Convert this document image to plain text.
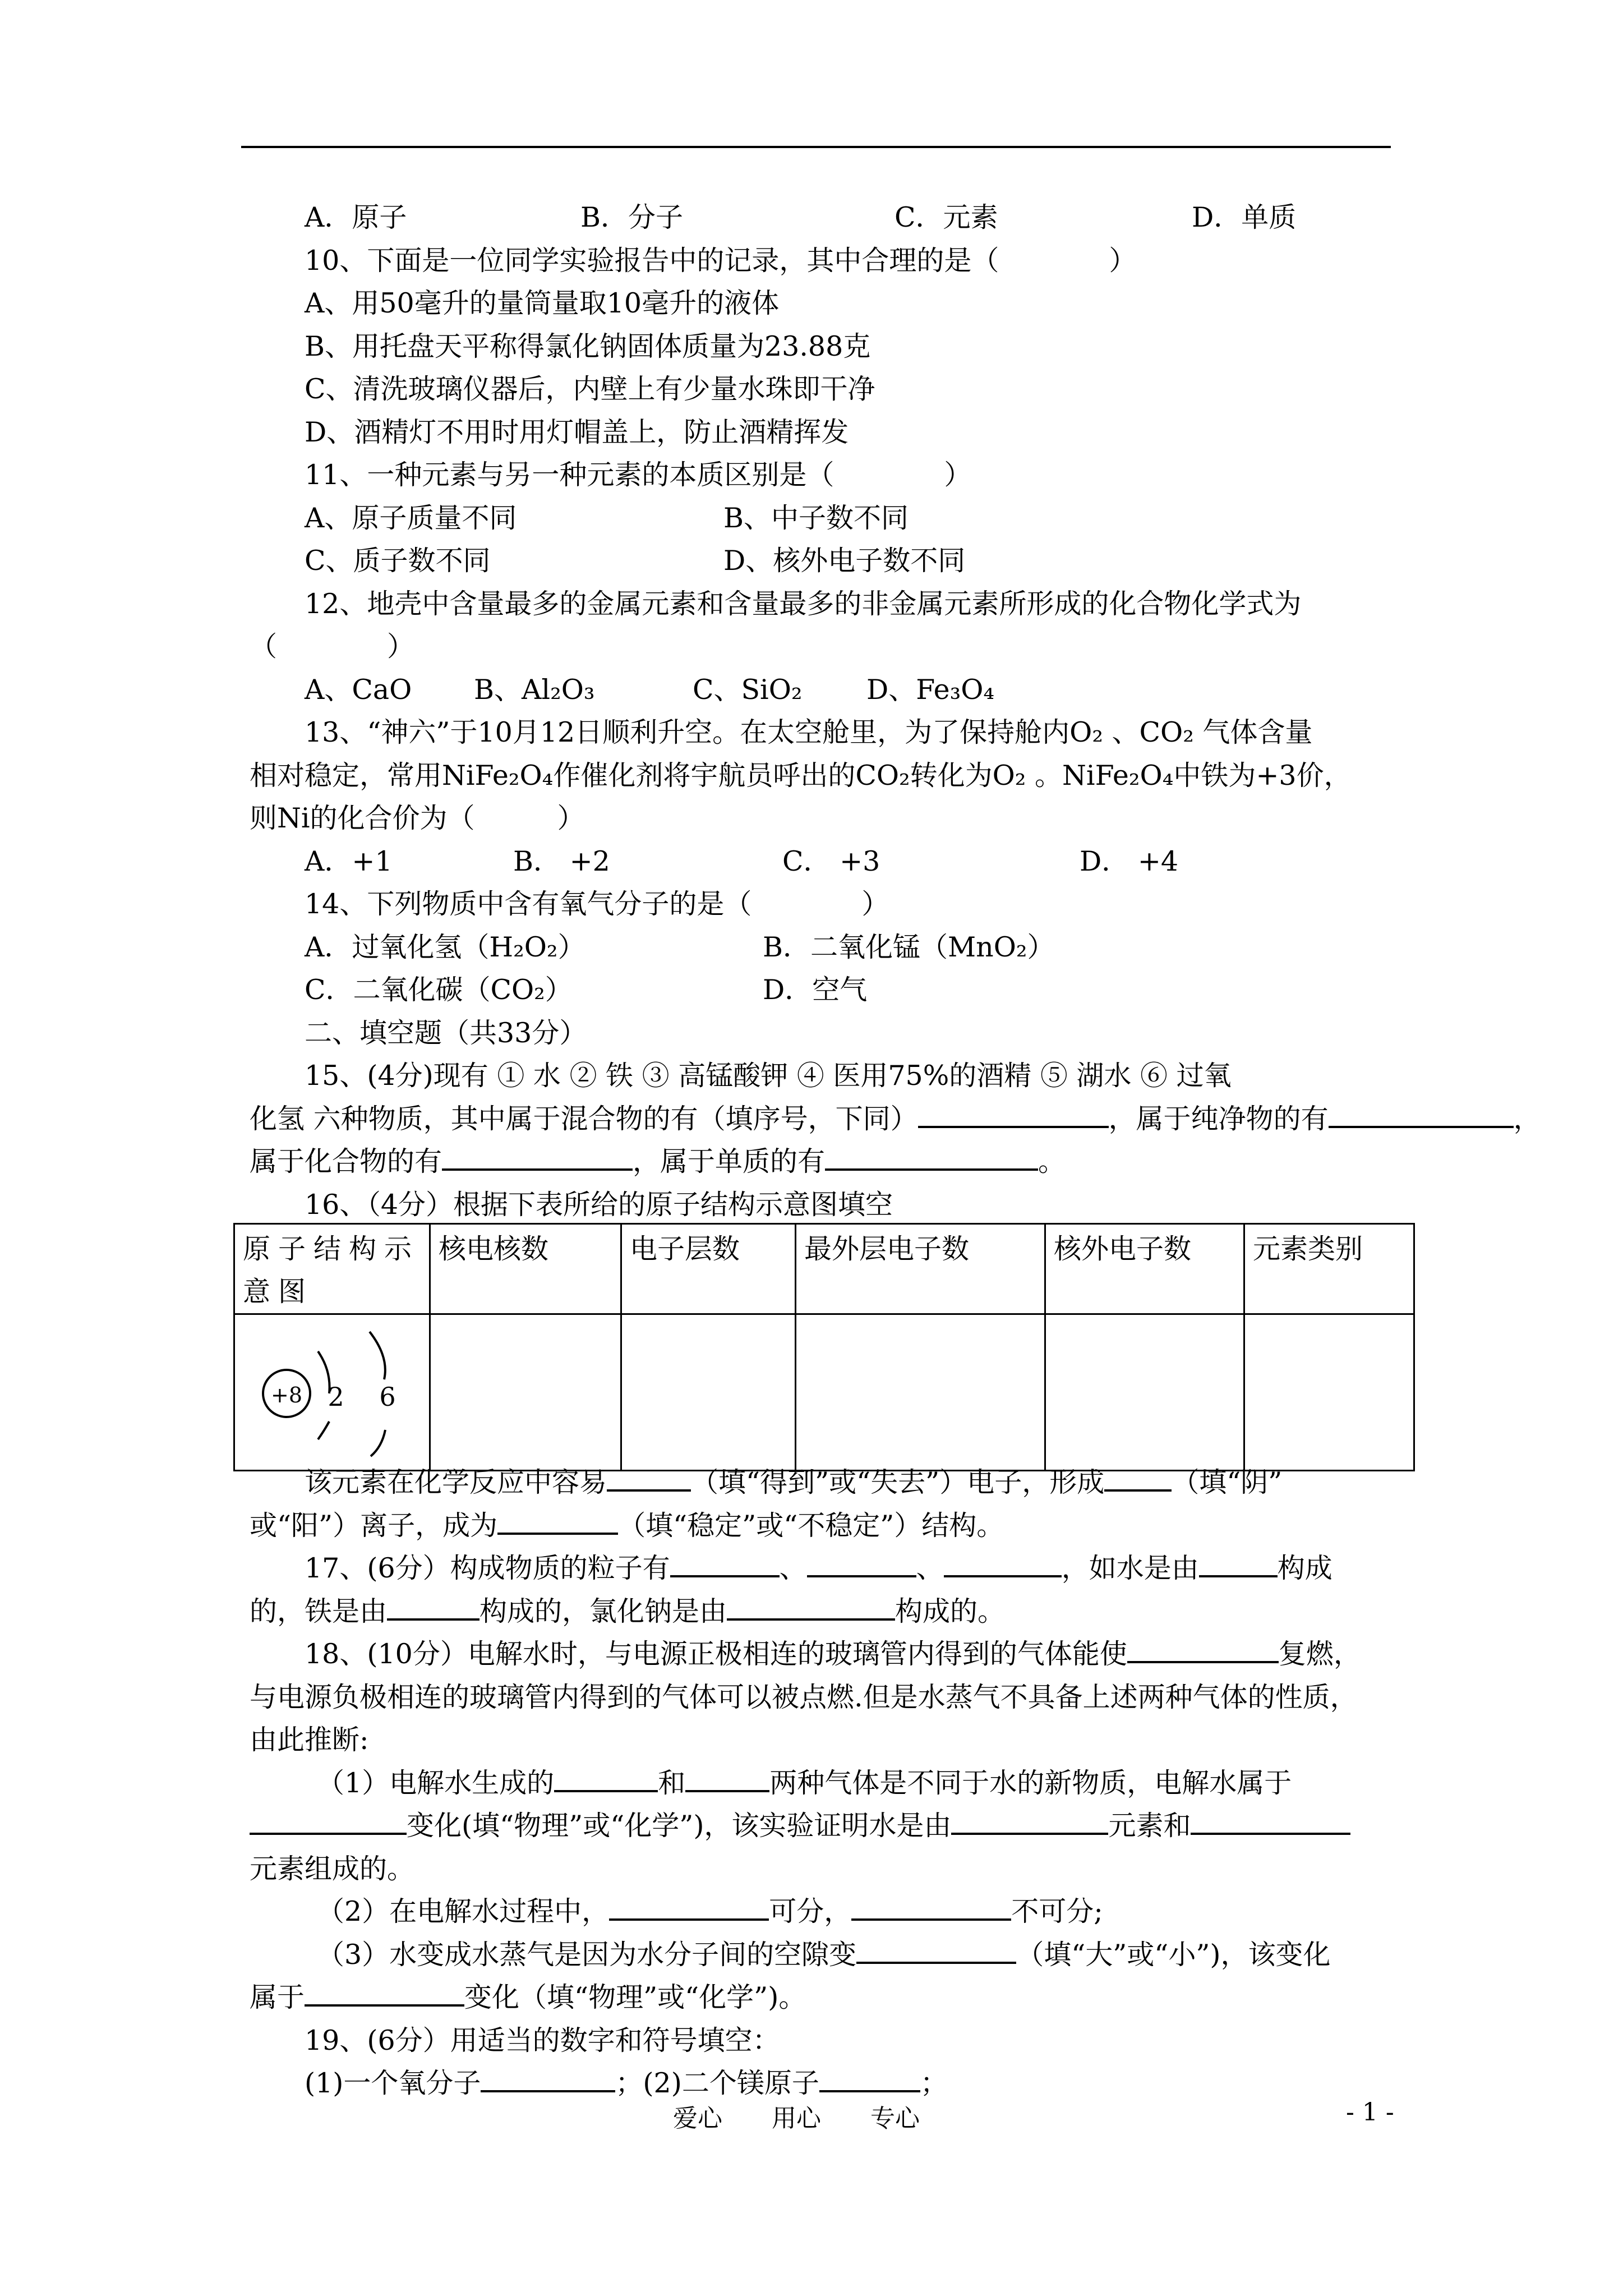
A．原子	B．分子	C．元素	D．单质
10、下面是一位同学实验报告中的记录，其中合理的是（　　　　）
A、用50毫升的量筒量取10毫升的液体
B、用托盘天平称得氯化钠固体质量为23.88克
C、清洗玻璃仪器后，内壁上有少量水珠即干净
D、酒精灯不用时用灯帽盖上，防止酒精挥发
11、一种元素与另一种元素的本质区别是（　　　　）
A、原子质量不同	B、中子数不同
C、质子数不同	D、核外电子数不同
12、地壳中含量最多的金属元素和含量最多的非金属元素所形成的化合物化学式为
（　　　　）
A、CaO B、Al₂O₃	C、SiO₂ D、Fe₃O₄
13、“神六”于10月12日顺利升空。在太空舱里，为了保持舱内O₂ 、CO₂ 气体含量
相对稳定，常用NiFe₂O₄作催化剂将宇航员呼出的CO₂转化为O₂ 。NiFe₂O₄中铁为+3价，
则Ni的化合价为（　　　）
A．+1	B． +2	C． +3	D． +4
14、下列物质中含有氧气分子的是（　　　　）
A．过氧化氢（H₂O₂）	B．二氧化锰（MnO₂）
C．二氧化碳（CO₂）	D．空气
二、填空题（共33分）
15、(4分)现有 ① 水 ② 铁 ③ 高锰酸钾 ④ 医用75%的酒精 ⑤ 湖水 ⑥ 过氧
化氢 六种物质，其中属于混合物的有（填序号，下同）	，属于纯净物的有	，
属于化合物的有	，属于单质的有	。
16、（4分）根据下表所给的原子结构示意图填空
原子结构示意图	核电核数	电子层数	最外层电子数	核外电子数	元素类别

+8 2 6					

该元素在化学反应中容易	（填“得到”或“失去”）电子，形成 （填“阴”
或“阳”）离子，成为	（填“稳定”或“不稳定”）结构。
17、(6分）构成物质的粒子有	、	、	，如水是由	构成
的，铁是由	构成的，氯化钠是由	构成的。
18、(10分）电解水时，与电源正极相连的玻璃管内得到的气体能使	复燃，
与电源负极相连的玻璃管内得到的气体可以被点燃.但是水蒸气不具备上述两种气体的性质，
由此推断:
（1）电解水生成的	和	两种气体是不同于水的新物质，电解水属于
变化(填“物理”或“化学”)，该实验证明水是由	元素和
元素组成的。
（2）在电解水过程中，	可分，	不可分;
（3）水变成水蒸气是因为水分子间的空隙变	（填“大”或“小”)，该变化
属于	变化（填“物理”或“化学”)。
19、(6分）用适当的数字和符号填空：
(1)一个氧分子	；(2)二个镁原子	；
爱心　　用心　　专心	- 1 -
